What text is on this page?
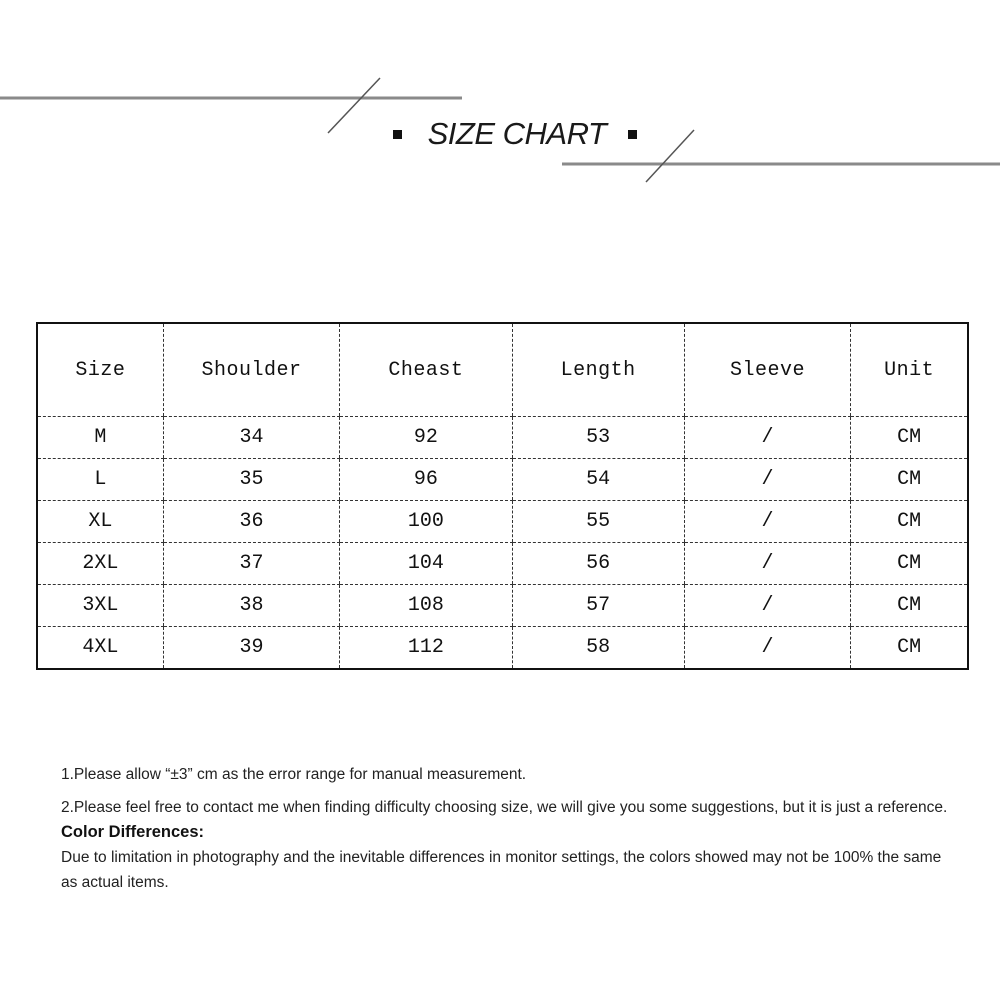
SIZE CHART
Size	Shoulder	Cheast	Length	Sleeve	Unit
M	34	92	53	/	CM
L	35	96	54	/	CM
XL	36	100	55	/	CM
2XL	37	104	56	/	CM
3XL	38	108	57	/	CM
4XL	39	112	58	/	CM

1.Please allow “±3” cm as the error range for manual measurement.

2.Please feel free to contact me when finding difficulty choosing size, we will give you some suggestions, but it is just a reference.

Color Differences:

Due to limitation in photography and the inevitable differences in monitor settings, the colors showed may not be 100% the same as actual items.
